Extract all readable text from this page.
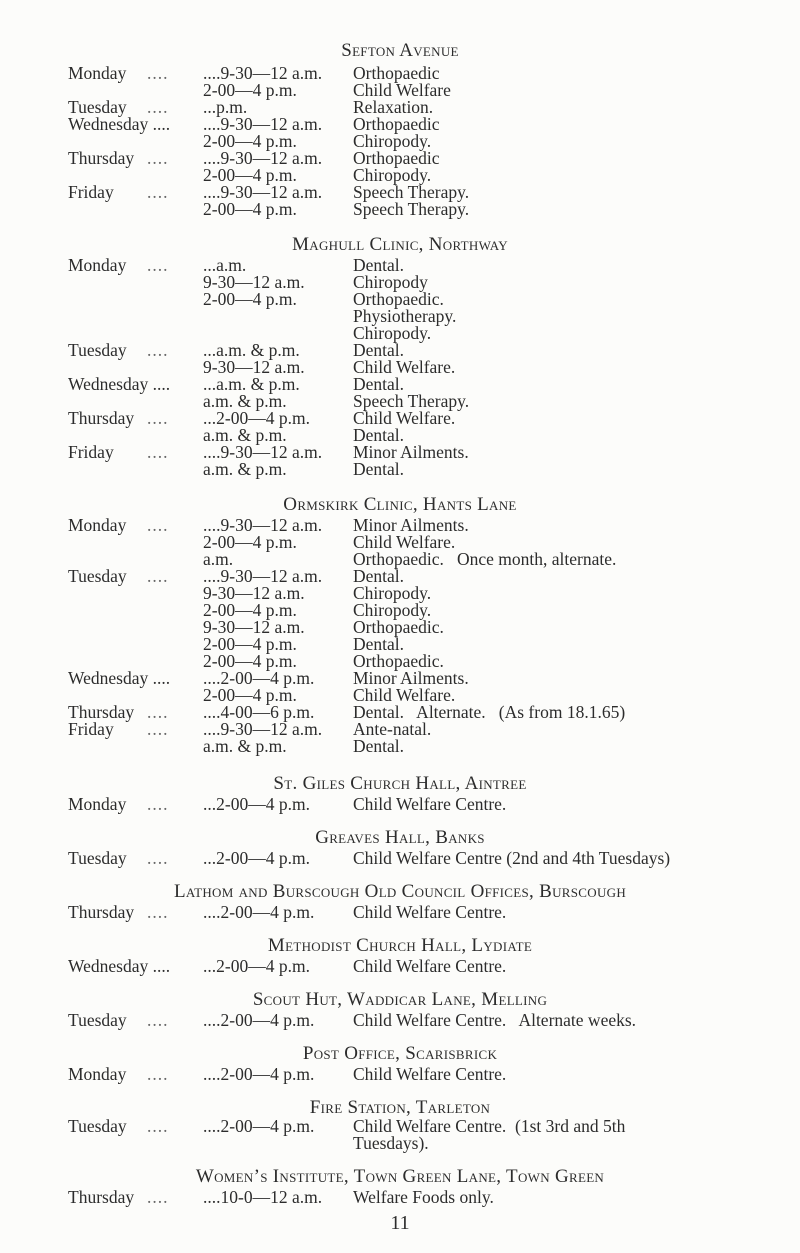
Sefton Avenue
Monday .... ....9-30—12 a.m. Orthopaedic
2-00—4 p.m.	Child Welfare
Tuesday .... ...p.m.	Relaxation.
Wednesday .... ....9-30—12 a.m. Orthopaedic
2-00—4 p.m.	Chiropody.
Thursday .... ....9-30—12 a.m. Orthopaedic
2-00—4 p.m.	Chiropody.
Friday .... ....9-30—12 a.m. Speech Therapy.
2-00—4 p.m.	Speech Therapy.
Maghull Clinic, Northway
Monday .... ...a.m.	Dental.
9-30—12 a.m.	Chiropody
2-00—4 p.m.	Orthopaedic.
Physiotherapy.
Chiropody.
Tuesday .... ...a.m. & p.m.	Dental.
9-30—12 a.m.	Child Welfare.
Wednesday .... ...a.m. & p.m.	Dental.
a.m. & p.m.	Speech Therapy.
Thursday .... ...2-00—4 p.m. Child Welfare.
a.m. & p.m.	Dental.
Friday .... ....9-30—12 a.m. Minor Ailments.
a.m. & p.m.	Dental.
Ormskirk Clinic, Hants Lane
Monday .... ....9-30—12 a.m. Minor Ailments.
2-00—4 p.m.	Child Welfare.
a.m.	Orthopaedic.   Once month, alternate.
Tuesday .... ....9-30—12 a.m. Dental.
9-30—12 a.m.	Chiropody.
2-00—4 p.m.	Chiropody.
9-30—12 a.m.	Orthopaedic.
2-00—4 p.m.	Dental.
2-00—4 p.m.	Orthopaedic.
Wednesday .... ....2-00—4 p.m. Minor Ailments.
2-00—4 p.m.	Child Welfare.
Thursday .... ....4-00—6 p.m. Dental.   Alternate.   (As from 18.1.65)
Friday .... ....9-30—12 a.m. Ante-natal.
a.m. & p.m.	Dental.
St. Giles Church Hall, Aintree
Monday .... ...2-00—4 p.m. Child Welfare Centre.
Greaves Hall, Banks
Tuesday .... ...2-00—4 p.m. Child Welfare Centre (2nd and 4th Tuesdays)
Lathom and Burscough Old Council Offices, Burscough
Thursday .... ....2-00—4 p.m. Child Welfare Centre.
Methodist Church Hall, Lydiate
Wednesday .... ...2-00—4 p.m. Child Welfare Centre.
Scout Hut, Waddicar Lane, Melling
Tuesday .... ....2-00—4 p.m. Child Welfare Centre.   Alternate weeks.
Post Office, Scarisbrick
Monday .... ....2-00—4 p.m. Child Welfare Centre.
Fire Station, Tarleton
Tuesday .... ....2-00—4 p.m. Child Welfare Centre.  (1st 3rd and 5th
Tuesdays).
Women’s Institute, Town Green Lane, Town Green
Thursday .... ....10-0—12 a.m. Welfare Foods only.
11
